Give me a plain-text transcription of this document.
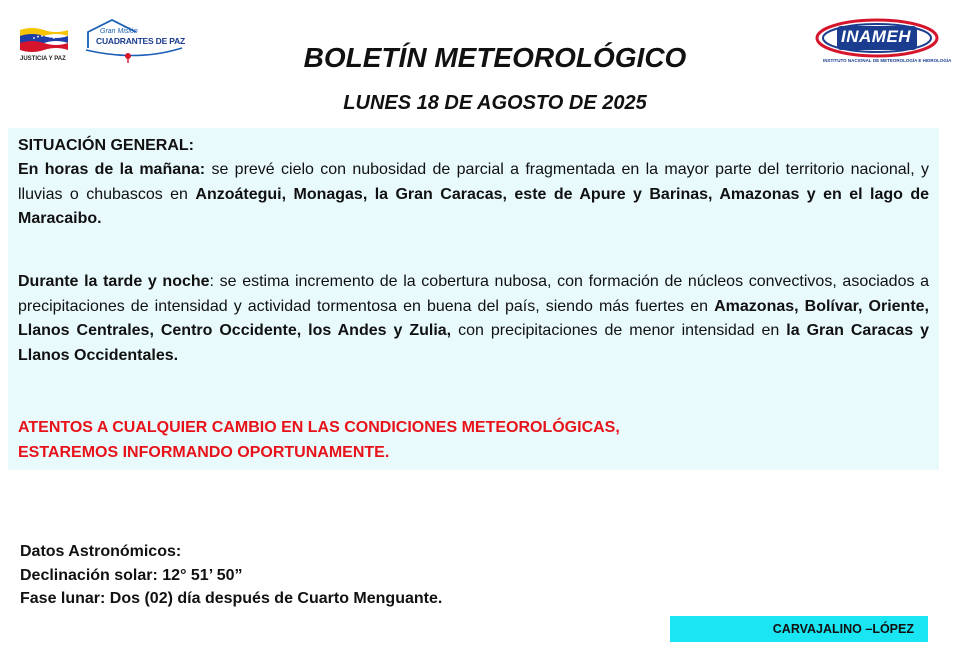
JUSTICIA Y PAZ
Gran Misión
CUADRANTES DE PAZ	INAMEH
INSTITUTO NACIONAL DE METEOROLOGÍA E HIDROLOGÍA
BOLETÍN METEOROLÓGICO
LUNES 18 DE AGOSTO DE 2025
SITUACIÓN GENERAL:
En horas de la mañana: se prevé cielo con nubosidad de parcial a fragmentada en la mayor parte del territorio nacional, y lluvias o chubascos en Anzoátegui, Monagas, la Gran Caracas, este de Apure y Barinas, Amazonas y en el lago de Maracaibo.
Durante la tarde y noche: se estima incremento de la cobertura nubosa, con formación de núcleos convectivos, asociados a precipitaciones de intensidad y actividad tormentosa en buena del país, siendo más fuertes en Amazonas, Bolívar, Oriente, Llanos Centrales, Centro Occidente, los Andes y Zulia, con precipitaciones de menor intensidad en la Gran Caracas y Llanos Occidentales.
ATENTOS A CUALQUIER CAMBIO EN LAS CONDICIONES METEOROLÓGICAS,
ESTAREMOS INFORMANDO OPORTUNAMENTE.
Datos Astronómicos:
Declinación solar: 12° 51’ 50”
Fase lunar: Dos (02) día después de Cuarto Menguante.
CARVAJALINO –LÓPEZ
